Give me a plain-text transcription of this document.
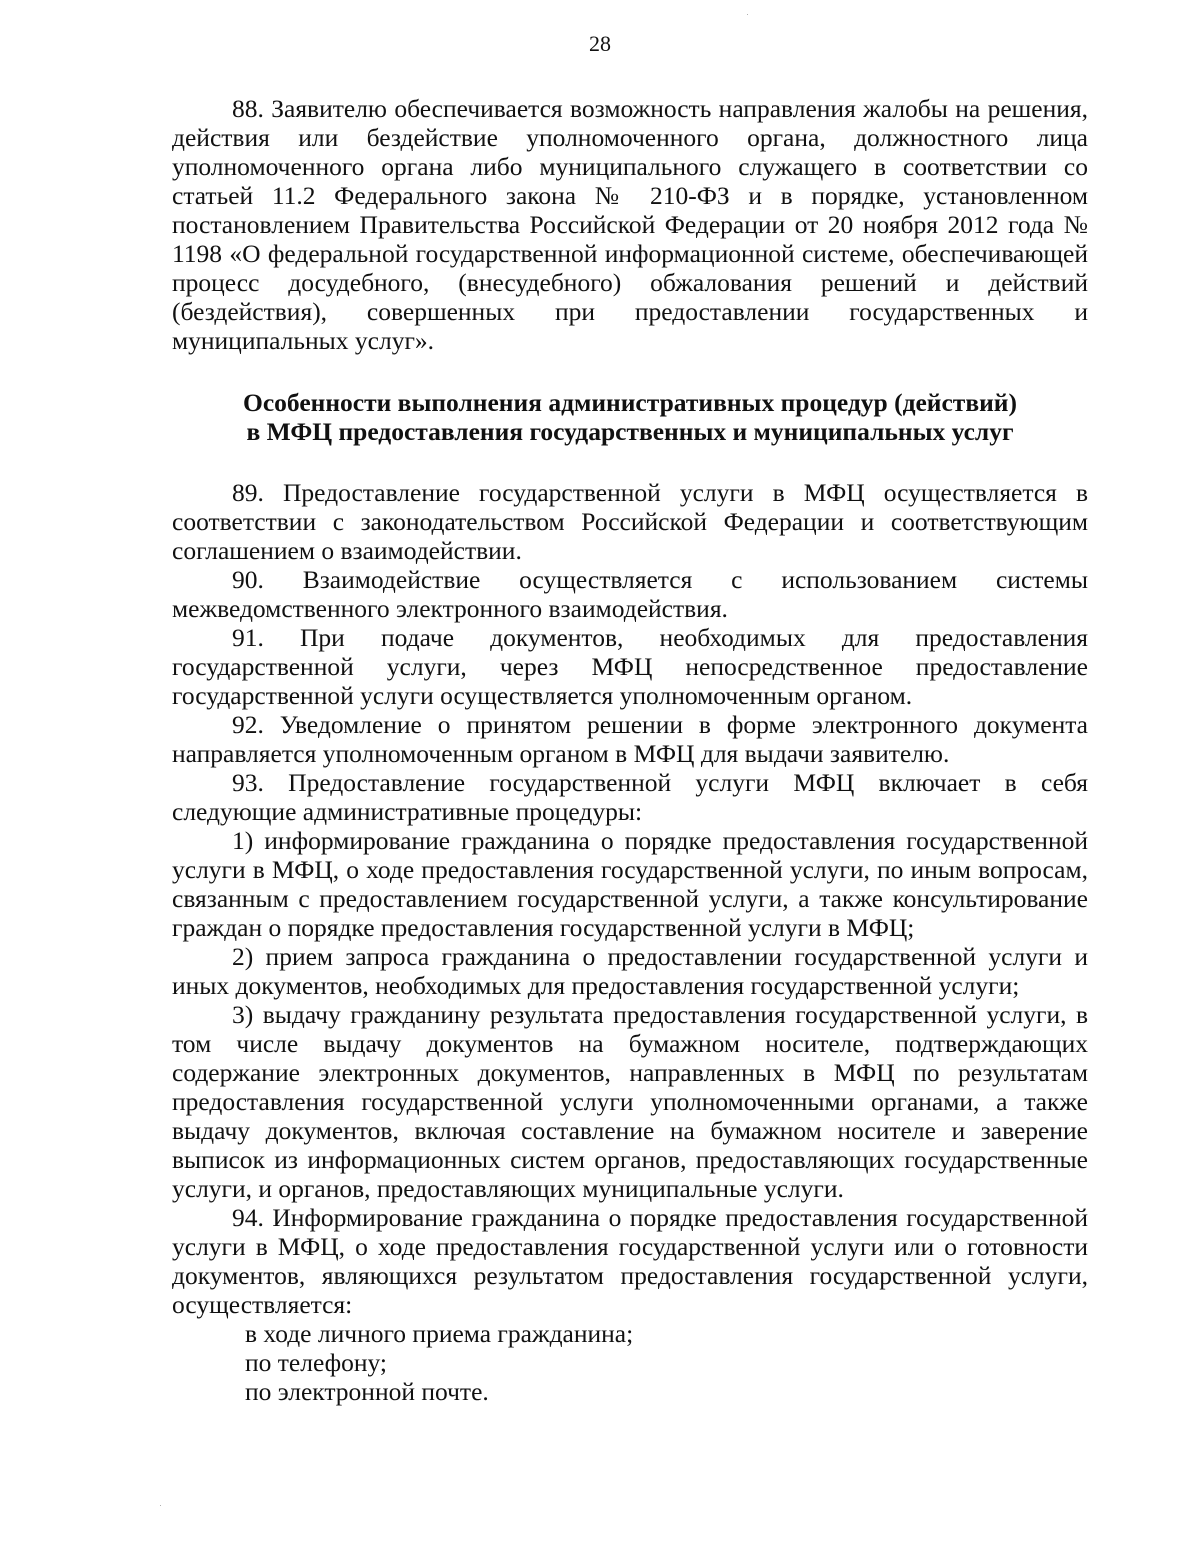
28

88. Заявителю обеспечивается возможность направления жалобы на решения, действия или бездействие уполномоченного органа, должностного лица уполномоченного органа либо муниципального служащего в соответствии со статьей 11.2 Федерального закона № 210-ФЗ и в порядке, установленном постановлением Правительства Российской Федерации от 20 ноября 2012 года № 1198 «О федеральной государственной информационной системе, обеспечивающей процесс досудебного, (внесудебного) обжалования решений и действий (бездействия), совершенных при предоставлении государственных и муниципальных услуг».

Особенности выполнения административных процедур (действий)
в МФЦ предоставления государственных и муниципальных услуг

89. Предоставление государственной услуги в МФЦ осуществляется в соответствии с законодательством Российской Федерации и соответствующим соглашением о взаимодействии.

90. Взаимодействие осуществляется с использованием системы межведомственного электронного взаимодействия.

91. При подаче документов, необходимых для предоставления государственной услуги, через МФЦ непосредственное предоставление государственной услуги осуществляется уполномоченным органом.

92. Уведомление о принятом решении в форме электронного документа направляется уполномоченным органом в МФЦ для выдачи заявителю.

93. Предоставление государственной услуги МФЦ включает в себя следующие административные процедуры:

1) информирование гражданина о порядке предоставления государственной услуги в МФЦ, о ходе предоставления государственной услуги, по иным вопросам, связанным с предоставлением государственной услуги, а также консультирование граждан о порядке предоставления государственной услуги в МФЦ;

2) прием запроса гражданина о предоставлении государственной услуги и иных документов, необходимых для предоставления государственной услуги;

3) выдачу гражданину результата предоставления государственной услуги, в том числе выдачу документов на бумажном носителе, подтверждающих содержание электронных документов, направленных в МФЦ по результатам предоставления государственной услуги уполномоченными органами, а также выдачу документов, включая составление на бумажном носителе и заверение выписок из информационных систем органов, предоставляющих государственные услуги, и органов, предоставляющих муниципальные услуги.

94. Информирование гражданина о порядке предоставления государственной услуги в МФЦ, о ходе предоставления государственной услуги или о готовности документов, являющихся результатом предоставления государственной услуги, осуществляется:

в ходе личного приема гражданина;

по телефону;

по электронной почте.
